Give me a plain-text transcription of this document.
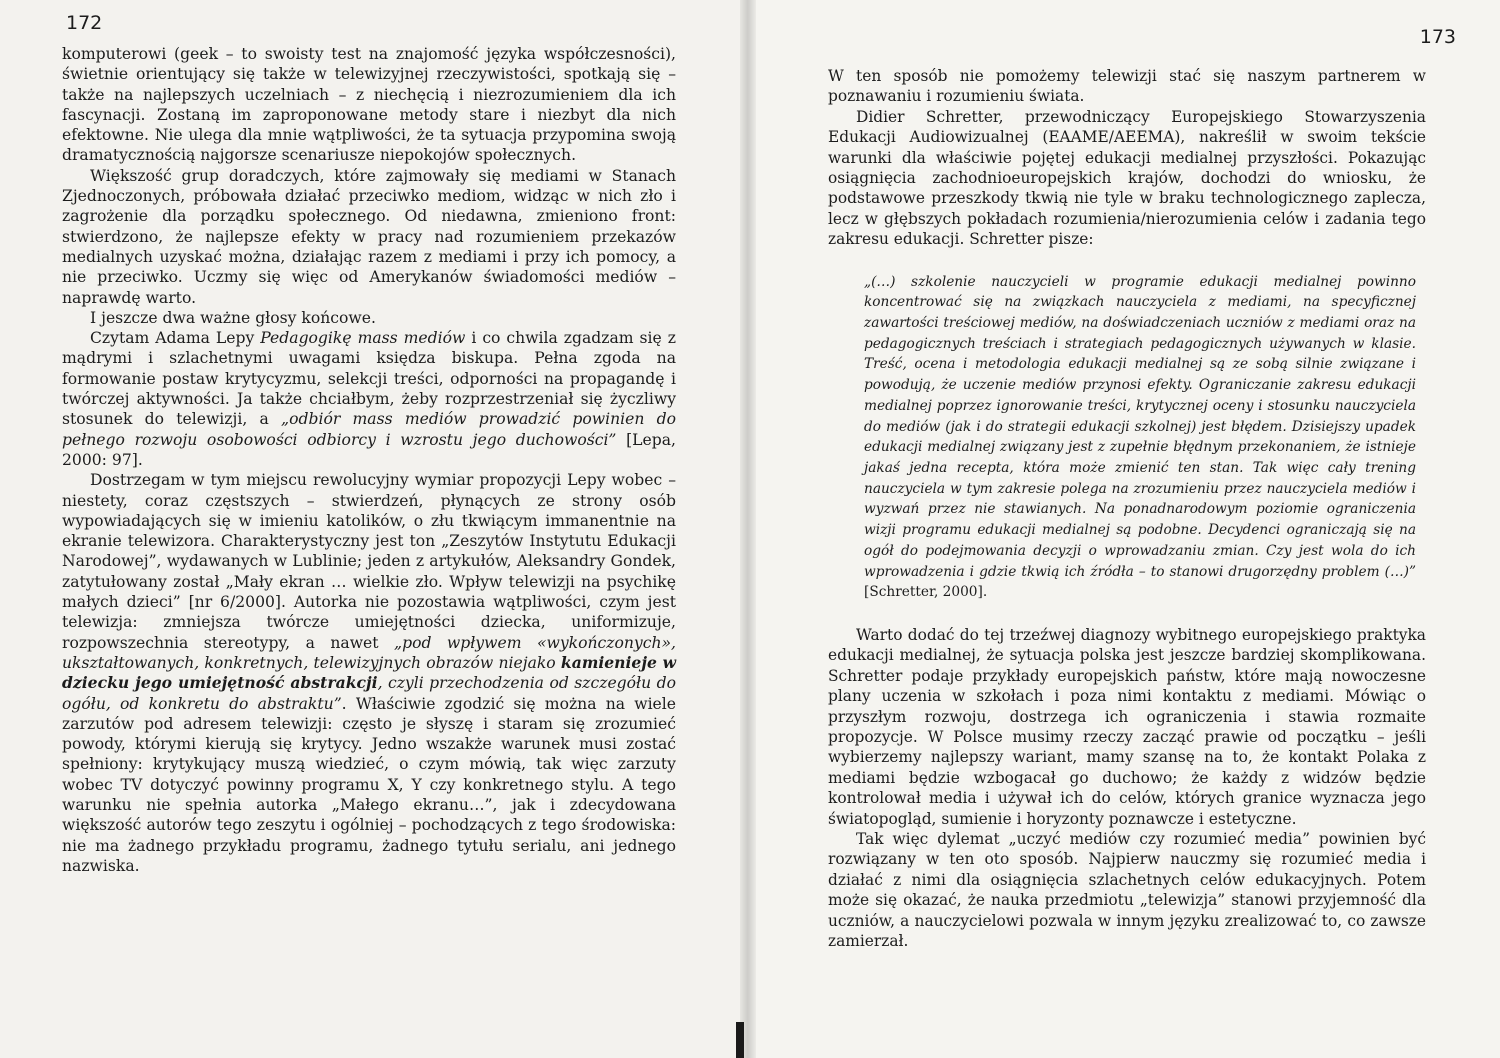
172

komputerowi (geek – to swoisty test na znajomość języka współczesności), świetnie orientujący się także w telewizyjnej rzeczywistości, spotkają się – także na najlepszych uczelniach – z niechęcią i niezrozumieniem dla ich fascynacji. Zostaną im zaproponowane metody stare i niezbyt dla nich efektowne. Nie ulega dla mnie wątpliwości, że ta sytuacja przypomina swoją dramatycznością najgorsze scenariusze niepokojów społecznych.

Większość grup doradczych, które zajmowały się mediami w Stanach Zjednoczonych, próbowała działać przeciwko mediom, widząc w nich zło i zagrożenie dla porządku społecznego. Od niedawna, zmieniono front: stwierdzono, że najlepsze efekty w pracy nad rozumieniem przekazów medialnych uzyskać można, działając razem z mediami i przy ich pomocy, a nie przeciwko. Uczmy się więc od Amerykanów świadomości mediów – naprawdę warto.

I jeszcze dwa ważne głosy końcowe.

Czytam Adama Lepy Pedagogikę mass mediów i co chwila zgadzam się z mądrymi i szlachetnymi uwagami księdza biskupa. Pełna zgoda na formowanie postaw krytycyzmu, selekcji treści, odporności na propagandę i twórczej aktywności. Ja także chciałbym, żeby rozprzestrzeniał się życzliwy stosunek do telewizji, a „odbiór mass mediów prowadzić powinien do pełnego rozwoju osobowości odbiorcy i wzrostu jego duchowości” [Lepa, 2000: 97].

Dostrzegam w tym miejscu rewolucyjny wymiar propozycji Lepy wobec – niestety, coraz częstszych – stwierdzeń, płynących ze strony osób wypowiadających się w imieniu katolików, o złu tkwiącym immanentnie na ekranie telewizora. Charakterystyczny jest ton „Zeszytów Instytutu Edukacji Narodowej”, wydawanych w Lublinie; jeden z artykułów, Aleksandry Gondek, zatytułowany został „Mały ekran … wielkie zło. Wpływ telewizji na psychikę małych dzieci” [nr 6/2000]. Autorka nie pozostawia wątpliwości, czym jest telewizja: zmniejsza twórcze umiejętności dziecka, uniformizuje, rozpowszechnia stereotypy, a nawet „pod wpływem «wykończonych», ukształtowanych, konkretnych, telewizyjnych obrazów niejako kamienieje w dziecku jego umiejętność abstrakcji, czyli przechodzenia od szczegółu do ogółu, od konkretu do abstraktu”. Właściwie zgodzić się można na wiele zarzutów pod adresem telewizji: często je słyszę i staram się zrozumieć powody, którymi kierują się krytycy. Jedno wszakże warunek musi zostać spełniony: krytykujący muszą wiedzieć, o czym mówią, tak więc zarzuty wobec TV dotyczyć powinny programu X, Y czy konkretnego stylu. A tego warunku nie spełnia autorka „Małego ekranu…”, jak i zdecydowana większość autorów tego zeszytu i ogólniej – pochodzących z tego środowiska: nie ma żadnego przykładu programu, żadnego tytułu serialu, ani jednego nazwiska.

173

W ten sposób nie pomożemy telewizji stać się naszym partnerem w poznawaniu i rozumieniu świata.

Didier Schretter, przewodniczący Europejskiego Stowarzyszenia Edukacji Audiowizualnej (EAAME/AEEMA), nakreślił w swoim tekście warunki dla właściwie pojętej edukacji medialnej przyszłości. Pokazując osiągnięcia zachodnioeuropejskich krajów, dochodzi do wniosku, że podstawowe przeszkody tkwią nie tyle w braku technologicznego zaplecza, lecz w głębszych pokładach rozumienia/nierozumienia celów i zadania tego zakresu edukacji. Schretter pisze:

„(…) szkolenie nauczycieli w programie edukacji medialnej powinno koncentrować się na związkach nauczyciela z mediami, na specyficznej zawartości treściowej mediów, na doświadczeniach uczniów z mediami oraz na pedagogicznych treściach i strategiach pedagogicznych używanych w klasie. Treść, ocena i metodologia edukacji medialnej są ze sobą silnie związane i powodują, że uczenie mediów przynosi efekty. Ograniczanie zakresu edukacji medialnej poprzez ignorowanie treści, krytycznej oceny i stosunku nauczyciela do mediów (jak i do strategii edukacji szkolnej) jest błędem. Dzisiejszy upadek edukacji medialnej związany jest z zupełnie błędnym przekonaniem, że istnieje jakaś jedna recepta, która może zmienić ten stan. Tak więc cały trening nauczyciela w tym zakresie polega na zrozumieniu przez nauczyciela mediów i wyzwań przez nie stawianych. Na ponadnarodowym poziomie ograniczenia wizji programu edukacji medialnej są podobne. Decydenci ograniczają się na ogół do podejmowania decyzji o wprowadzaniu zmian. Czy jest wola do ich wprowadzenia i gdzie tkwią ich źródła – to stanowi drugorzędny problem (…)” [Schretter, 2000].

Warto dodać do tej trzeźwej diagnozy wybitnego europejskiego praktyka edukacji medialnej, że sytuacja polska jest jeszcze bardziej skomplikowana. Schretter podaje przykłady europejskich państw, które mają nowoczesne plany uczenia w szkołach i poza nimi kontaktu z mediami. Mówiąc o przyszłym rozwoju, dostrzega ich ograniczenia i stawia rozmaite propozycje. W Polsce musimy rzeczy zacząć prawie od początku – jeśli wybierzemy najlepszy wariant, mamy szansę na to, że kontakt Polaka z mediami będzie wzbogacał go duchowo; że każdy z widzów będzie kontrolował media i używał ich do celów, których granice wyznacza jego światopogląd, sumienie i horyzonty poznawcze i estetyczne.

Tak więc dylemat „uczyć mediów czy rozumieć media” powinien być rozwiązany w ten oto sposób. Najpierw nauczmy się rozumieć media i działać z nimi dla osiągnięcia szlachetnych celów edukacyjnych. Potem może się okazać, że nauka przedmiotu „telewizja” stanowi przyjemność dla uczniów, a nauczycielowi pozwala w innym języku zrealizować to, co zawsze zamierzał.
